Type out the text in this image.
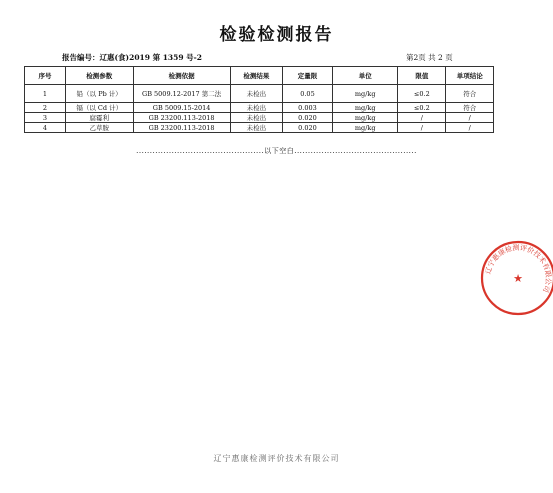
检验检测报告
报告编号：辽惠(食)2019 第 1359 号-2	第2页 共 2 页
序号	检测参数	检测依据	检测结果	定量限	单位	限值	单项结论
1	铅（以 Pb 计）	GB 5009.12-2017 第二法	未检出	0.05	mg/kg	≤0.2	符合
2	镉（以 Cd 计）	GB 5009.15-2014	未检出	0.003	mg/kg	≤0.2	符合
3	腐霉利	GB 23200.113-2018	未检出	0.020	mg/kg	/	/
4	乙草胺	GB 23200.113-2018	未检出	0.020	mg/kg	/	/
...............................................以下空白.............................................
辽宁惠康检测评价技术有限公司
★
辽宁惠康检测评价技术有限公司
